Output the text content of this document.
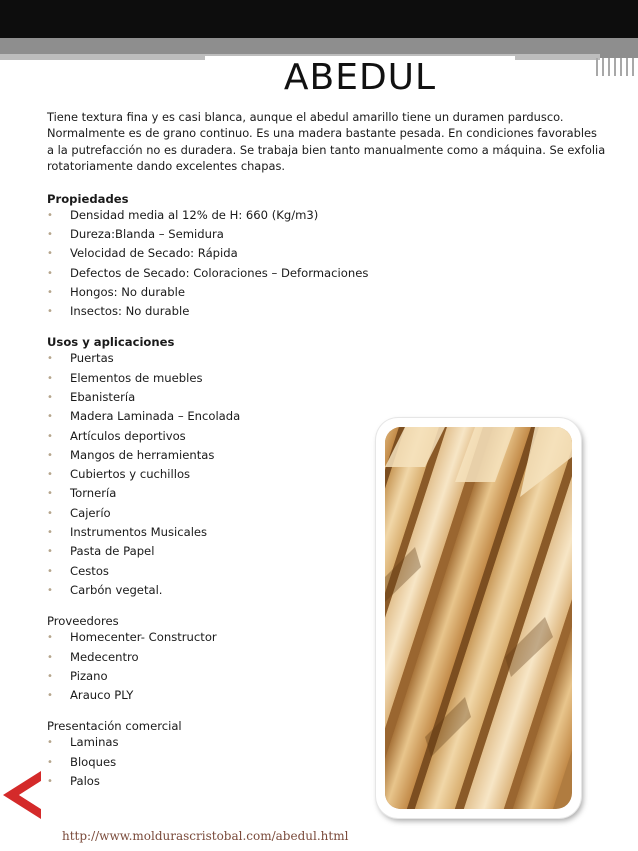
ABEDUL

Tiene textura fina y es casi blanca, aunque el abedul amarillo tiene un duramen pardusco. Normalmente es de grano continuo. Es una madera bastante pesada. En condiciones favorables a la putrefacción no es duradera. Se trabaja bien tanto manualmente como a máquina. Se exfolia rotatoriamente dando excelentes chapas.

Propiedades

• Densidad media al 12% de H: 660 (Kg/m3)
• Dureza:Blanda – Semidura
• Velocidad de Secado: Rápida
• Defectos de Secado: Coloraciones – Deformaciones
• Hongos: No durable
• Insectos: No durable

Usos y aplicaciones

• Puertas
• Elementos de muebles
• Ebanistería
• Madera Laminada – Encolada
• Artículos deportivos
• Mangos de herramientas
• Cubiertos y cuchillos
• Tornería
• Cajerío
• Instrumentos Musicales
• Pasta de Papel
• Cestos
• Carbón vegetal.

Proveedores

• Homecenter- Constructor
• Medecentro
• Pizano
• Arauco PLY

Presentación comercial

• Laminas
• Bloques
• Palos
http://www.moldurascristobal.com/abedul.html
